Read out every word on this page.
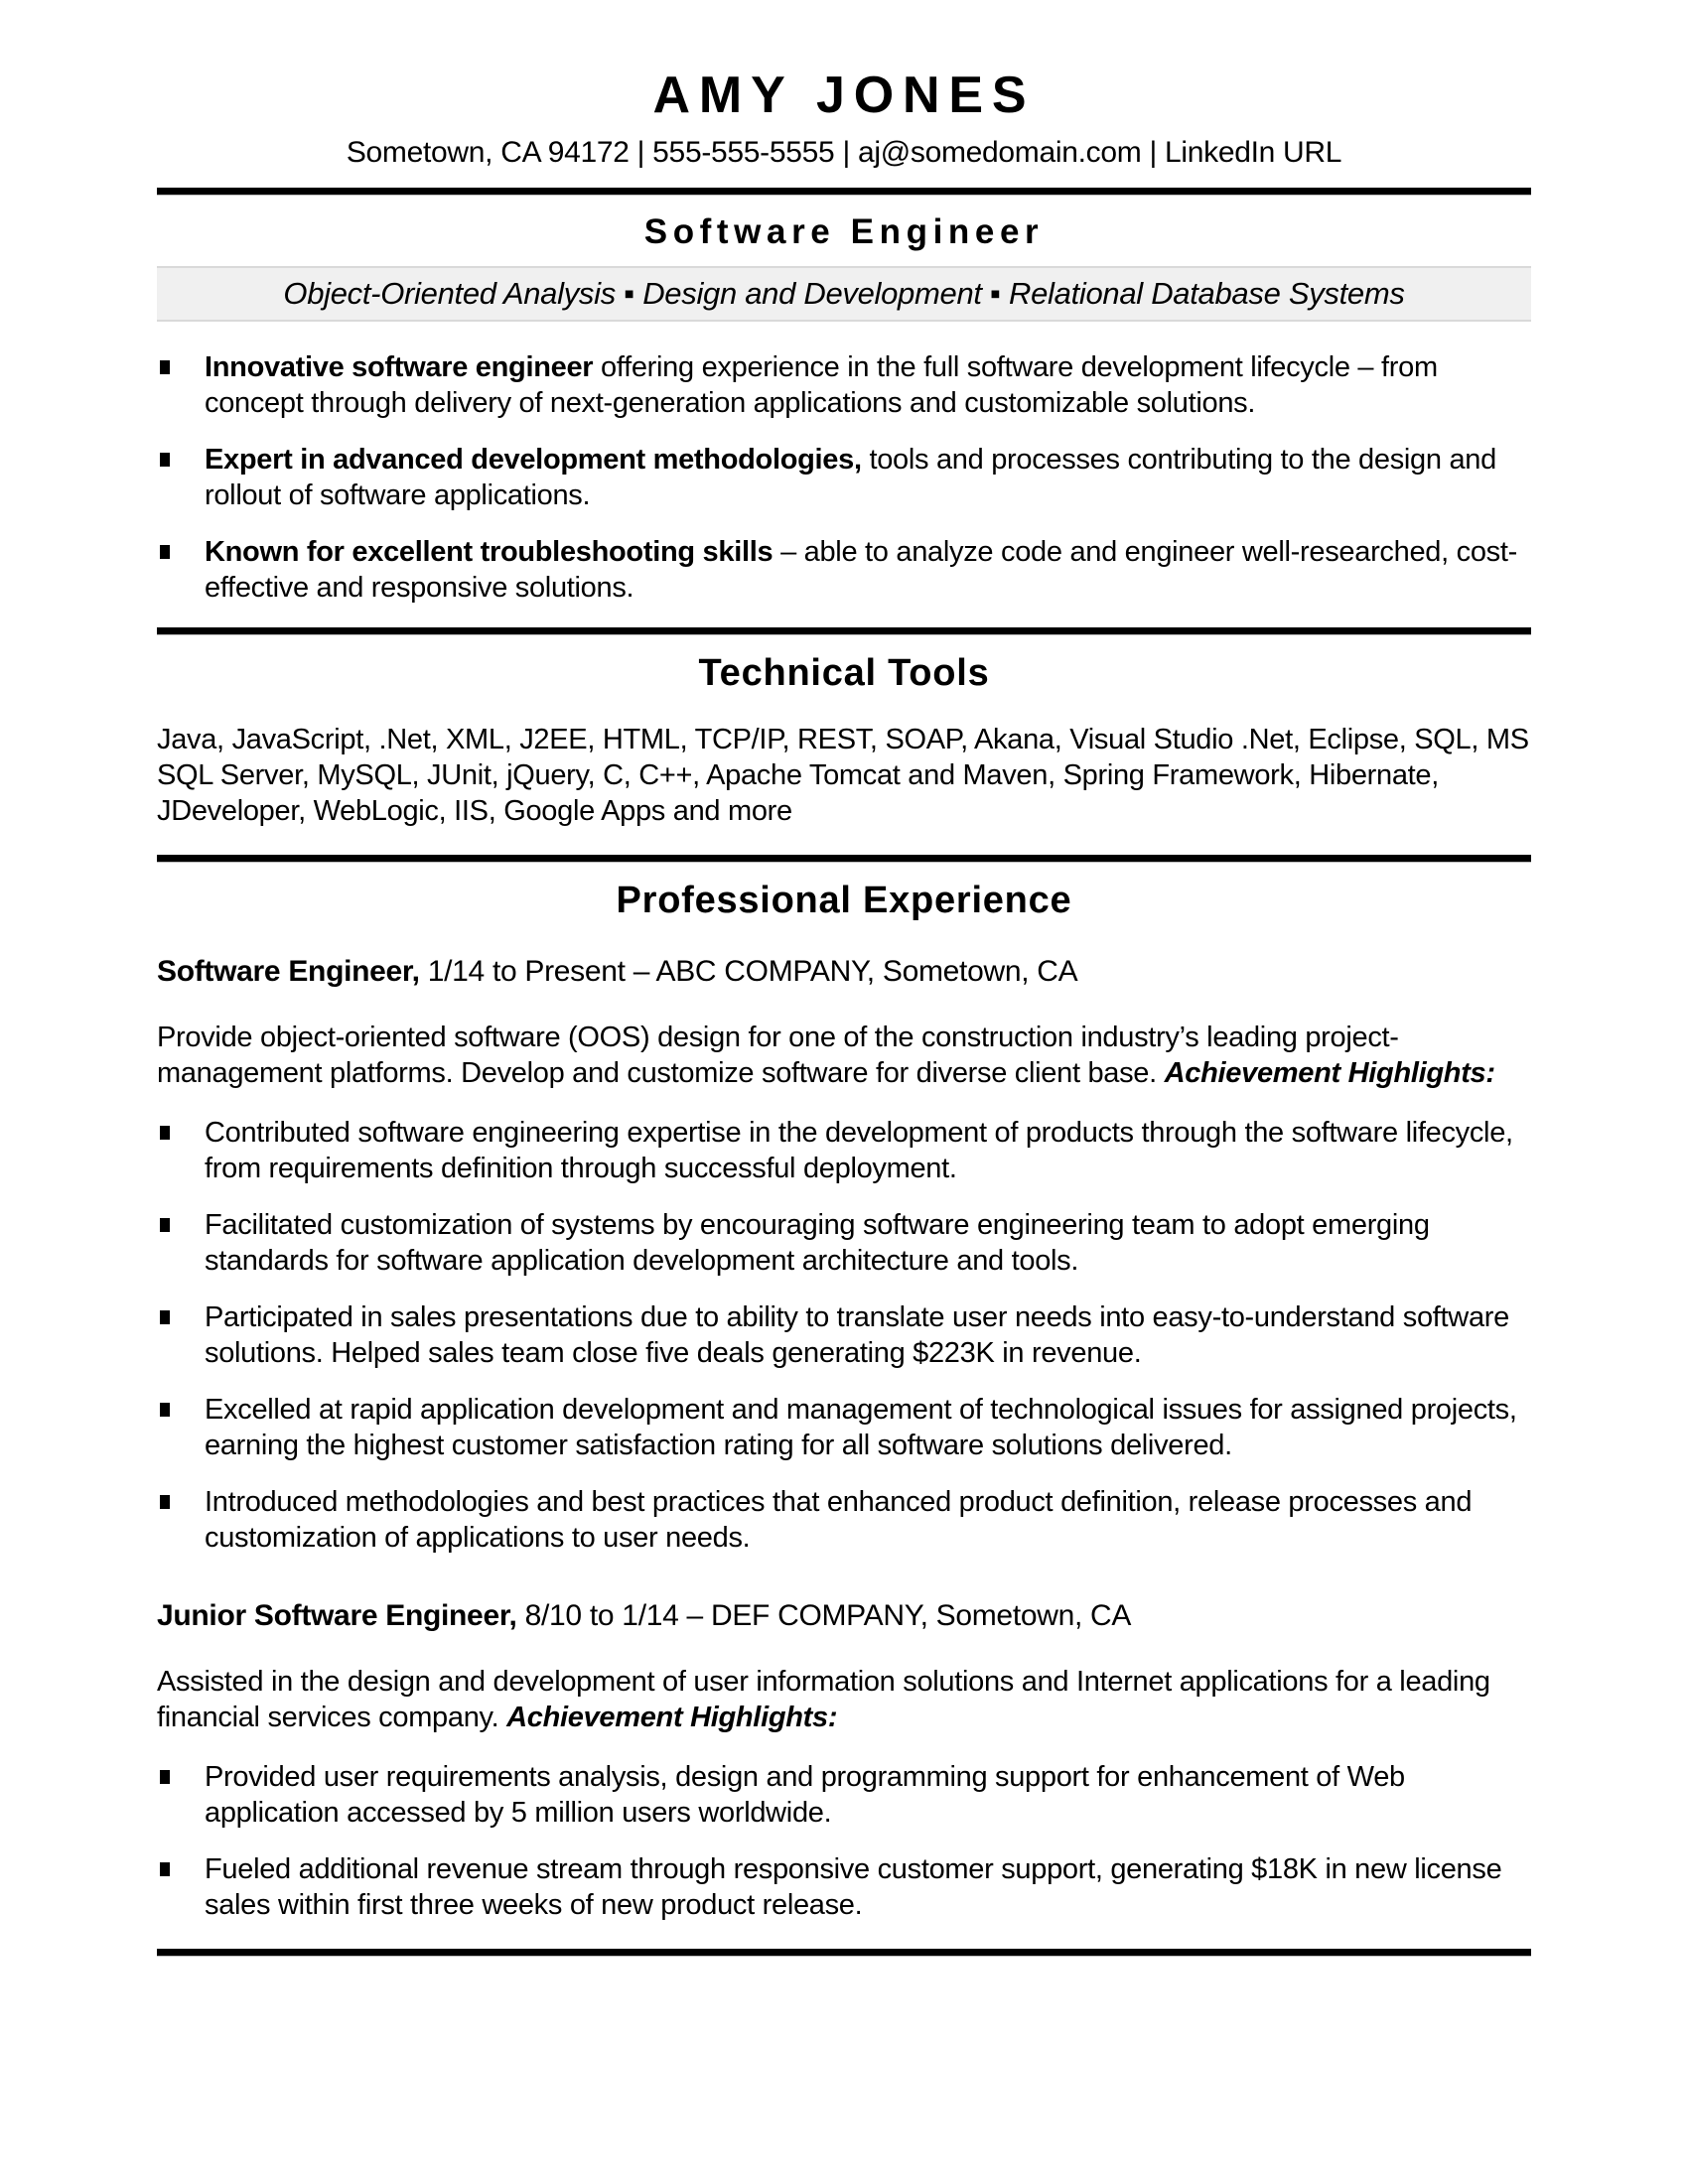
AMY JONES

Sometown, CA 94172 | 555-555-5555 | aj@somedomain.com | LinkedIn URL

Software Engineer
Object-Oriented Analysis ▪ Design and Development ▪ Relational Database Systems
Innovative software engineer offering experience in the full software development lifecycle – from concept through delivery of next-generation applications and customizable solutions.
Expert in advanced development methodologies, tools and processes contributing to the design and rollout of software applications.
Known for excellent troubleshooting skills – able to analyze code and engineer well-researched, cost-effective and responsive solutions.
Technical Tools

Java, JavaScript, .Net, XML, J2EE, HTML, TCP/IP, REST, SOAP, Akana, Visual Studio .Net, Eclipse, SQL, MS SQL Server, MySQL, JUnit, jQuery, C, C++, Apache Tomcat and Maven, Spring Framework, Hibernate, JDeveloper, WebLogic, IIS, Google Apps and more

Professional Experience

Software Engineer, 1/14 to Present – ABC COMPANY, Sometown, CA

Provide object-oriented software (OOS) design for one of the construction industry’s leading project- management platforms. Develop and customize software for diverse client base. Achievement Highlights:

Contributed software engineering expertise in the development of products through the software lifecycle, from requirements definition through successful deployment.
Facilitated customization of systems by encouraging software engineering team to adopt emerging standards for software application development architecture and tools.
Participated in sales presentations due to ability to translate user needs into easy-to-understand software solutions. Helped sales team close five deals generating $223K in revenue.
Excelled at rapid application development and management of technological issues for assigned projects, earning the highest customer satisfaction rating for all software solutions delivered.
Introduced methodologies and best practices that enhanced product definition, release processes and customization of applications to user needs.

Junior Software Engineer, 8/10 to 1/14 – DEF COMPANY, Sometown, CA

Assisted in the design and development of user information solutions and Internet applications for a leading financial services company. Achievement Highlights:

Provided user requirements analysis, design and programming support for enhancement of Web application accessed by 5 million users worldwide.
Fueled additional revenue stream through responsive customer support, generating $18K in new license sales within first three weeks of new product release.
